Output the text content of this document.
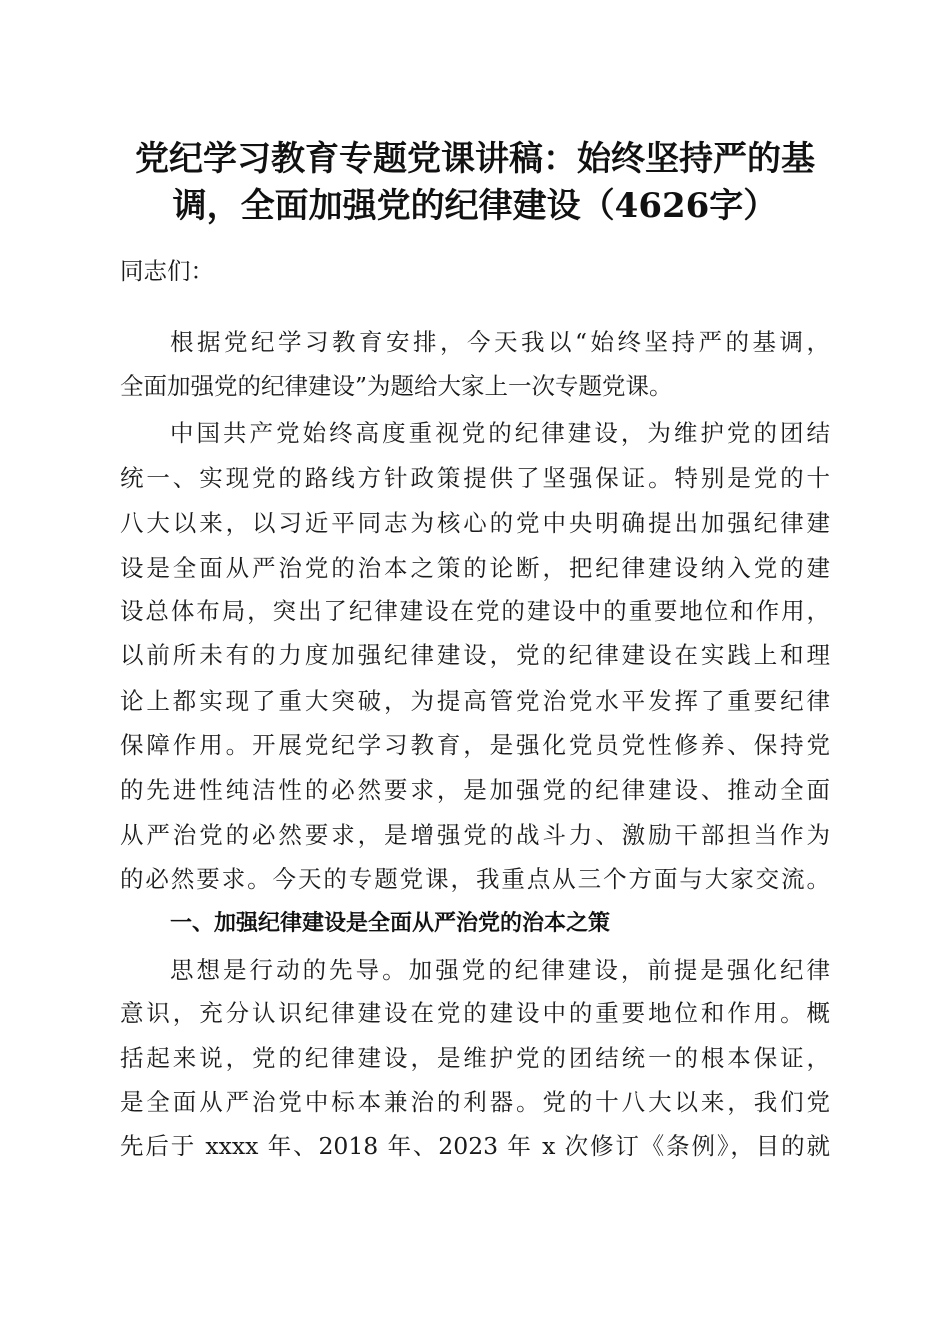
党纪学习教育专题党课讲稿：始终坚持严的基
调，全面加强党的纪律建设（4626字）

同志们：

根据党纪学习教育安排，今天我以“始终坚持严的基调，

全面加强党的纪律建设”为题给大家上一次专题党课。

中国共产党始终高度重视党的纪律建设，为维护党的团结

统一、实现党的路线方针政策提供了坚强保证。特别是党的十

八大以来，以习近平同志为核心的党中央明确提出加强纪律建

设是全面从严治党的治本之策的论断，把纪律建设纳入党的建

设总体布局，突出了纪律建设在党的建设中的重要地位和作用，

以前所未有的力度加强纪律建设，党的纪律建设在实践上和理

论上都实现了重大突破，为提高管党治党水平发挥了重要纪律

保障作用。开展党纪学习教育，是强化党员党性修养、保持党

的先进性纯洁性的必然要求，是加强党的纪律建设、推动全面

从严治党的必然要求，是增强党的战斗力、激励干部担当作为

的必然要求。今天的专题党课，我重点从三个方面与大家交流。

一、加强纪律建设是全面从严治党的治本之策

思想是行动的先导。加强党的纪律建设，前提是强化纪律

意识，充分认识纪律建设在党的建设中的重要地位和作用。概

括起来说，党的纪律建设，是维护党的团结统一的根本保证，

是全面从严治党中标本兼治的利器。党的十八大以来，我们党

先后于 xxxx 年、2018 年、2023 年 x 次修订《条例》，目的就
